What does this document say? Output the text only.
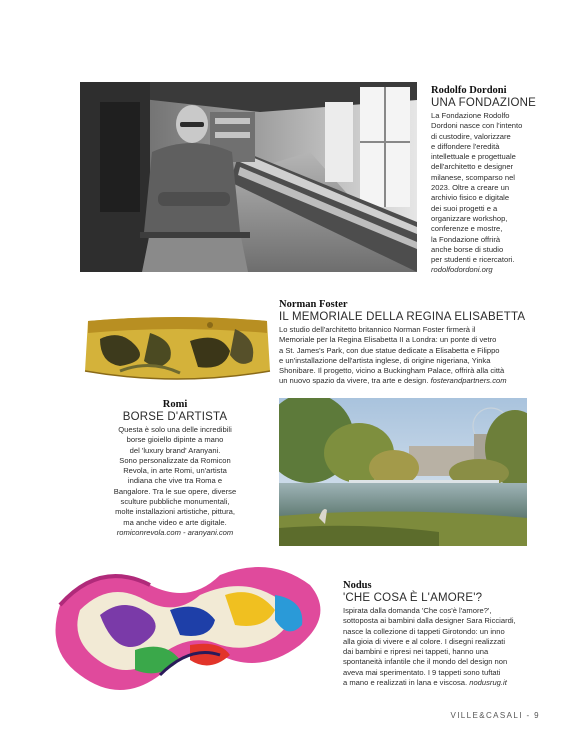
Rodolfo Dordoni
UNA FONDAZIONE
La Fondazione Rodolfo
Dordoni nasce con l'intento
di custodire, valorizzare
e diffondere l'eredità
intellettuale e progettuale
dell'architetto e designer
milanese, scomparso nel
2023. Oltre a creare un
archivio fisico e digitale
dei suoi progetti e a
organizzare workshop,
conferenze e mostre,
la Fondazione offrirà
anche borse di studio
per studenti e ricercatori.
rodolfodordoni.org
Norman Foster
IL MEMORIALE DELLA REGINA ELISABETTA
Lo studio dell'architetto britannico Norman Foster firmerà il
Memoriale per la Regina Elisabetta II a Londra: un ponte di vetro
a St. James's Park, con due statue dedicate a Elisabetta e Filippo
e un'installazione dell'artista inglese, di origine nigeriana, Yinka
Shonibare. Il progetto, vicino a Buckingham Palace, offrirà alla città
un nuovo spazio da vivere, tra arte e design. fosterandpartners.com
Romi
BORSE D'ARTISTA
Questa è solo una delle incredibili
borse gioiello dipinte a mano
del 'luxury brand' Aranyani.
Sono personalizzate da Romicon
Revola, in arte Romi, un'artista
indiana che vive tra Roma e
Bangalore. Tra le sue opere, diverse
sculture pubbliche monumentali,
molte installazioni artistiche, pittura,
ma anche video e arte digitale.
romiconrevola.com - aranyani.com
Nodus
'CHE COSA È L'AMORE'?
Ispirata dalla domanda 'Che cos'è l'amore?',
sottoposta ai bambini dalla designer Sara Ricciardi,
nasce la collezione di tappeti Girotondo: un inno
alla gioia di vivere e al colore. I disegni realizzati
dai bambini e ripresi nei tappeti, hanno una
spontaneità infantile che il mondo del design non
aveva mai sperimentato. I 9 tappeti sono tuftati
a mano e realizzati in lana e viscosa. nodusrug.it
VILLE&CASALI - 9
